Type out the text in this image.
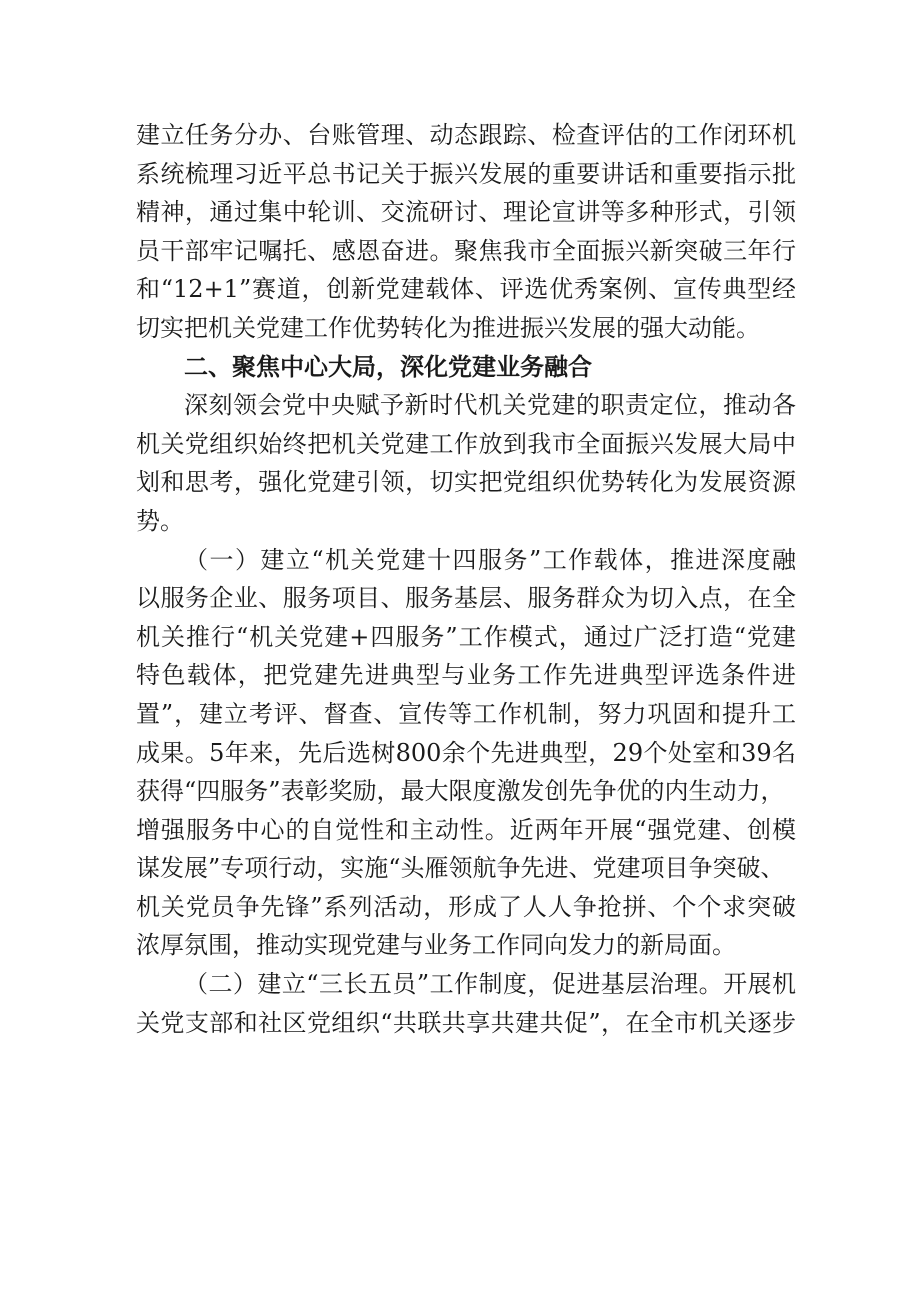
建立任务分办、台账管理、动态跟踪、检查评估的工作闭环机
系统梳理习近平总书记关于振兴发展的重要讲话和重要指示批
精神，通过集中轮训、交流研讨、理论宣讲等多种形式，引领
员干部牢记嘱托、感恩奋进。聚焦我市全面振兴新突破三年行
和“12+1”赛道，创新党建载体、评选优秀案例、宣传典型经
切实把机关党建工作优势转化为推进振兴发展的强大动能。
二、聚焦中心大局，深化党建业务融合
深刻领会党中央赋予新时代机关党建的职责定位，推动各
机关党组织始终把机关党建工作放到我市全面振兴发展大局中
划和思考，强化党建引领，切实把党组织优势转化为发展资源
势。
（一）建立“机关党建十四服务”工作载体，推进深度融
以服务企业、服务项目、服务基层、服务群众为切入点，在全
机关推行“机关党建+四服务”工作模式，通过广泛打造“党建
特色载体，把党建先进典型与业务工作先进典型评选条件进
置”，建立考评、督查、宣传等工作机制，努力巩固和提升工
成果。5年来，先后选树800余个先进典型，29个处室和39名
获得“四服务”表彰奖励，最大限度激发创先争优的内生动力，
增强服务中心的自觉性和主动性。近两年开展“强党建、创模
谋发展”专项行动，实施“头雁领航争先进、党建项目争突破、
机关党员争先锋”系列活动，形成了人人争抢拼、个个求突破
浓厚氛围，推动实现党建与业务工作同向发力的新局面。
（二）建立“三长五员”工作制度，促进基层治理。开展机
关党支部和社区党组织“共联共享共建共促”，在全市机关逐步
